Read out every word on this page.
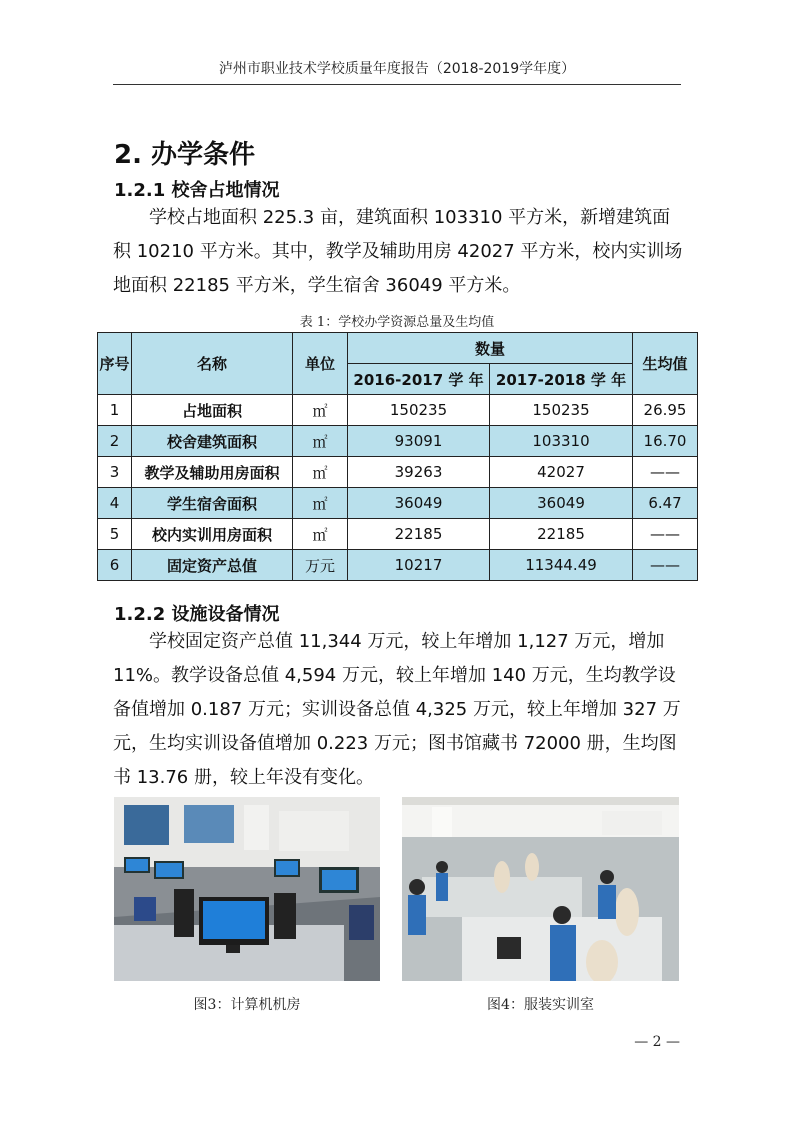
泸州市职业技术学校质量年度报告（2018-2019学年度）
2. 办学条件
1.2.1 校舍占地情况

学校占地面积 225.3 亩，建筑面积 103310 平方米，新增建筑面积 10210 平方米。其中，教学及辅助用房 42027 平方米，校内实训场地面积 22185 平方米，学生宿舍 36049 平方米。

表 1：学校办学资源总量及生均值
序号	名称	单位	数量		生均值
			2016-2017 学 年	2017-2018 学 年	
1	占地面积	㎡	150235	150235	26.95
2	校舍建筑面积	㎡	93091	103310	16.70
3	教学及辅助用房面积	㎡	39263	42027	——
4	学生宿舍面积	㎡	36049	36049	6.47
5	校内实训用房面积	㎡	22185	22185	——
6	固定资产总值	万元	10217	11344.49	——
1.2.2 设施设备情况

学校固定资产总值 11,344 万元，较上年增加 1,127 万元，增加 11%。教学设备总值 4,594 万元，较上年增加 140 万元，生均教学设备值增加 0.187 万元；实训设备总值 4,325 万元，较上年增加 327 万元，生均实训设备值增加 0.223 万元；图书馆藏书 72000 册，生均图书 13.76 册，较上年没有变化。

图3：计算机机房	图4：服装实训室
— 2 —
